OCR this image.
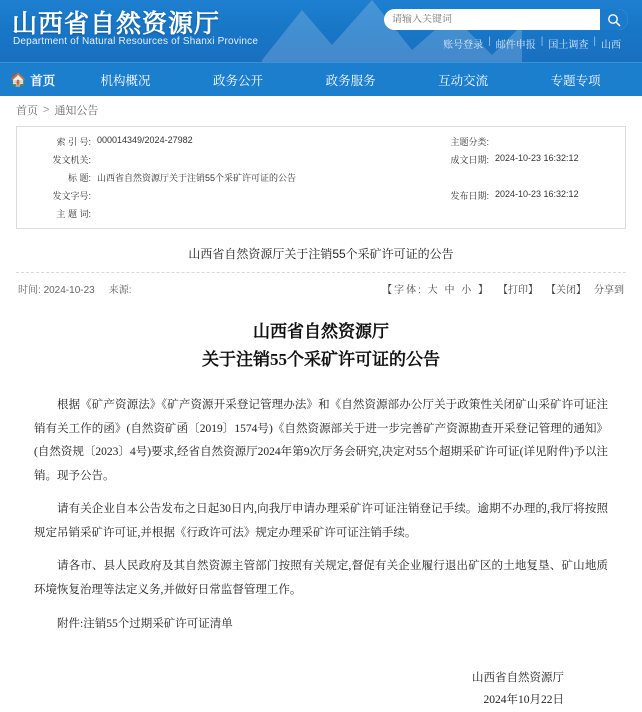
山西省自然资源厅
Department of Natural Resources of Shanxi Province
请输入关键词	账号登录 | 邮件申报 | 国土调查 | 山西
🏠 首页	机构概况	政务公开	政务服务	互动交流	专题专项
首页 > 通知公告
索 引 号: 000014349/2024-27982	主题分类:
发文机关:	成文日期: 2024-10-23 16:32:12
标 题: 山西省自然资源厅关于注销55个采矿许可证的公告
发文字号:	发布日期: 2024-10-23 16:32:12
主 题 词:
山西省自然资源厅关于注销55个采矿许可证的公告
时间: 2024-10-23 来源:	【字体: 大 中 小 】 【打印】 【关闭】 分享到
山西省自然资源厅
关于注销55个采矿许可证的公告

根据《矿产资源法》《矿产资源开采登记管理办法》和《自然资源部办公厅关于政策性关闭矿山采矿许可证注销有关工作的函》(自然资矿函〔2019〕1574号)《自然资源部关于进一步完善矿产资源勘查开采登记管理的通知》(自然资规〔2023〕4号)要求,经省自然资源厅2024年第9次厅务会研究,决定对55个超期采矿许可证(详见附件)予以注销。现予公告。

请有关企业自本公告发布之日起30日内,向我厅申请办理采矿许可证注销登记手续。逾期不办理的,我厅将按照规定吊销采矿许可证,并根据《行政许可法》规定办理采矿许可证注销手续。

请各市、县人民政府及其自然资源主管部门按照有关规定,督促有关企业履行退出矿区的土地复垦、矿山地质环境恢复治理等法定义务,并做好日常监督管理工作。

附件:注销55个过期采矿许可证清单

山西省自然资源厅
2024年10月22日
